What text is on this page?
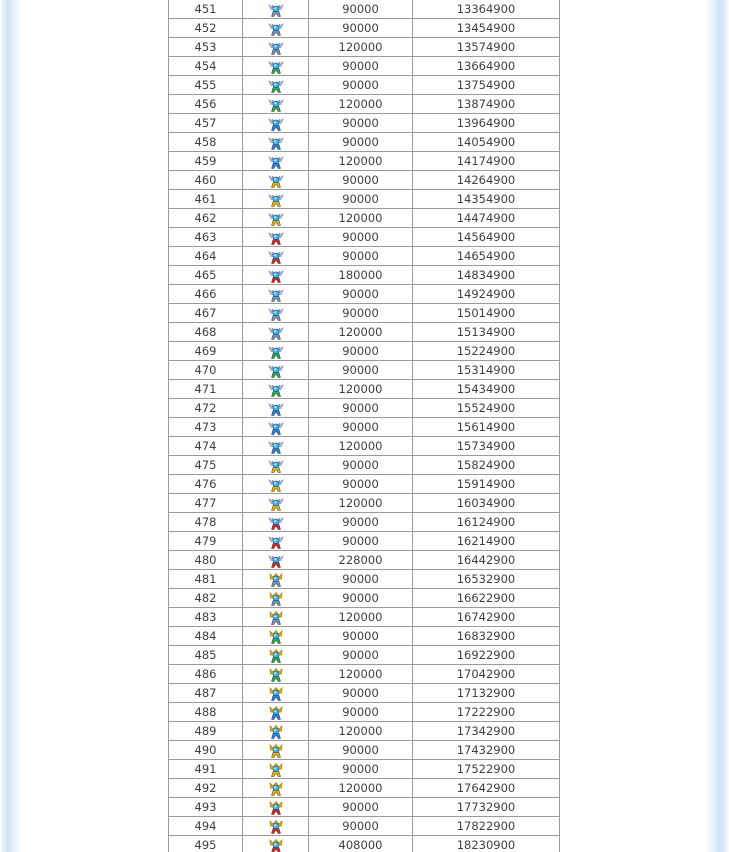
451		90000	13364900
452		90000	13454900
453		120000	13574900
454		90000	13664900
455		90000	13754900
456		120000	13874900
457		90000	13964900
458		90000	14054900
459		120000	14174900
460		90000	14264900
461		90000	14354900
462		120000	14474900
463		90000	14564900
464		90000	14654900
465		180000	14834900
466		90000	14924900
467		90000	15014900
468		120000	15134900
469		90000	15224900
470		90000	15314900
471		120000	15434900
472		90000	15524900
473		90000	15614900
474		120000	15734900
475		90000	15824900
476		90000	15914900
477		120000	16034900
478		90000	16124900
479		90000	16214900
480		228000	16442900
481		90000	16532900
482		90000	16622900
483		120000	16742900
484		90000	16832900
485		90000	16922900
486		120000	17042900
487		90000	17132900
488		90000	17222900
489		120000	17342900
490		90000	17432900
491		90000	17522900
492		120000	17642900
493		90000	17732900
494		90000	17822900
495		408000	18230900
